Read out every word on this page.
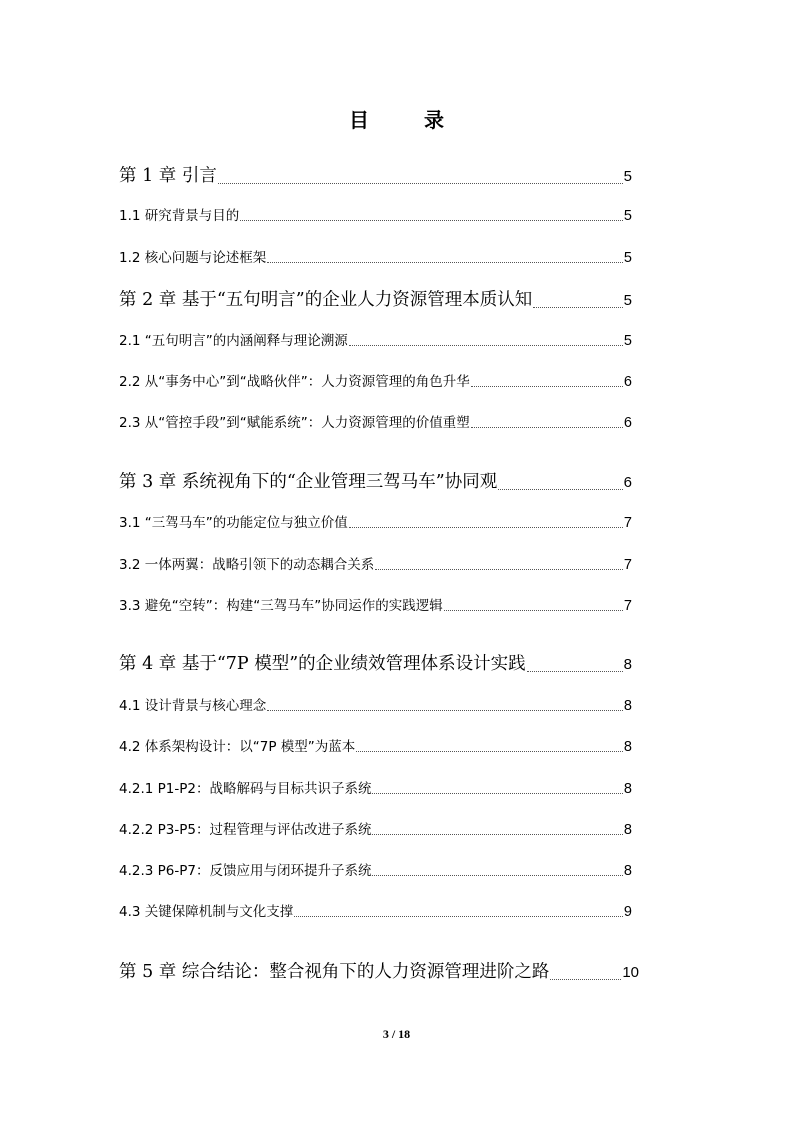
目 录
第 1 章 引言	5
1.1 研究背景与目的	5
1.2 核心问题与论述框架	5
第 2 章 基于“五句明言”的企业人力资源管理本质认知	5
2.1 “五句明言”的内涵阐释与理论溯源	5
2.2 从“事务中心”到“战略伙伴”：人力资源管理的角色升华	6
2.3 从“管控手段”到“赋能系统”：人力资源管理的价值重塑	6
第 3 章 系统视角下的“企业管理三驾马车”协同观	6
3.1 “三驾马车”的功能定位与独立价值	7
3.2 一体两翼：战略引领下的动态耦合关系	7
3.3 避免“空转”：构建“三驾马车”协同运作的实践逻辑	7
第 4 章 基于“7P 模型”的企业绩效管理体系设计实践	8
4.1 设计背景与核心理念	8
4.2 体系架构设计：以“7P 模型”为蓝本	8
4.2.1 P1-P2：战略解码与目标共识子系统	8
4.2.2 P3-P5：过程管理与评估改进子系统	8
4.2.3 P6-P7：反馈应用与闭环提升子系统	8
4.3 关键保障机制与文化支撑	9
第 5 章 综合结论：整合视角下的人力资源管理进阶之路	10
3 / 18
